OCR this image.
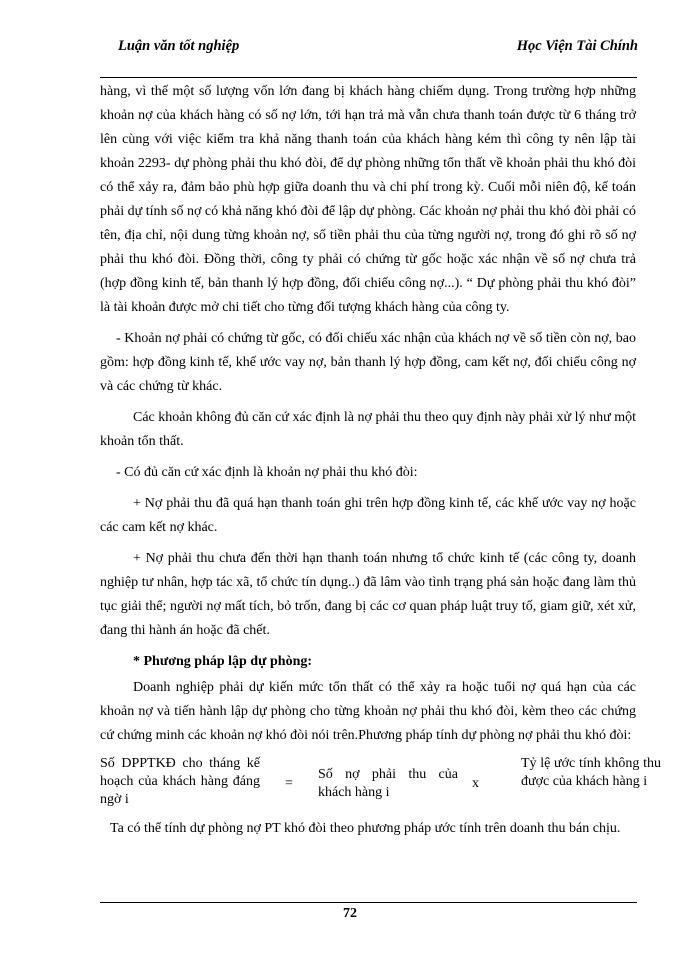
Luận văn tốt nghiệp	Học Viện Tài Chính

hàng, vì thế một số lượng vốn lớn đang bị khách hàng chiếm dụng. Trong trường hợp những khoản nợ của khách hàng có số nợ lớn, tới hạn trả mà vẫn chưa thanh toán được từ 6 tháng trở lên cùng với việc kiểm tra khả năng thanh toán của khách hàng kém thì công ty nên lập tài khoản 2293- dự phòng phải thu khó đòi, để dự phòng những tổn thất về khoản phải thu khó đòi có thể xảy ra, đảm bảo phù hợp giữa doanh thu và chi phí trong kỳ. Cuối mỗi niên độ, kế toán phải dự tính số nợ có khả năng khó đòi để lập dự phòng. Các khoản nợ phải thu khó đòi phải có tên, địa chỉ, nội dung từng khoản nợ, số tiền phải thu của từng người nợ, trong đó ghi rõ số nợ phải thu khó đòi. Đồng thời, công ty phải có chứng từ gốc hoặc xác nhận về số nợ chưa trả (hợp đồng kinh tế, bản thanh lý hợp đồng, đối chiếu công nợ...). “ Dự phòng phải thu khó đòi” là tài khoản được mở chi tiết cho từng đối tượng khách hàng của công ty.

- Khoản nợ phải có chứng từ gốc, có đối chiếu xác nhận của khách nợ về số tiền còn nợ, bao gồm: hợp đồng kinh tế, khế ước vay nợ, bản thanh lý hợp đồng, cam kết nợ, đối chiếu công nợ và các chứng từ khác.

Các khoản không đủ căn cứ xác định là nợ phải thu theo quy định này phải xử lý như một khoản tổn thất.

- Có đủ căn cứ xác định là khoản nợ phải thu khó đòi:

+ Nợ phải thu đã quá hạn thanh toán ghi trên hợp đồng kinh tế, các khế ước vay nợ hoặc các cam kết nợ khác.

+ Nợ phải thu chưa đến thời hạn thanh toán nhưng tổ chức kinh tế (các công ty, doanh nghiệp tư nhân, hợp tác xã, tổ chức tín dụng..) đã lâm vào tình trạng phá sản hoặc đang làm thủ tục giải thể; người nợ mất tích, bỏ trốn, đang bị các cơ quan pháp luật truy tố, giam giữ, xét xử, đang thi hành án hoặc đã chết.

* Phương pháp lập dự phòng:

Doanh nghiệp phải dự kiến mức tổn thất có thể xảy ra hoặc tuổi nợ quá hạn của các khoản nợ và tiến hành lập dự phòng cho từng khoản nợ phải thu khó đòi, kèm theo các chứng cứ chứng minh các khoản nợ khó đòi nói trên.Phương pháp tính dự phòng nợ phải thu khó đòi:

Số DPPTKĐ cho tháng kế hoạch của khách hàng đáng ngờ i
=
Số nợ phải thu của khách hàng i
x
Tỷ lệ ước tính không thu được của khách hàng i

Ta có thể tính dự phòng nợ PT khó đòi theo phương pháp ước tính trên doanh thu bán chịu.

72
